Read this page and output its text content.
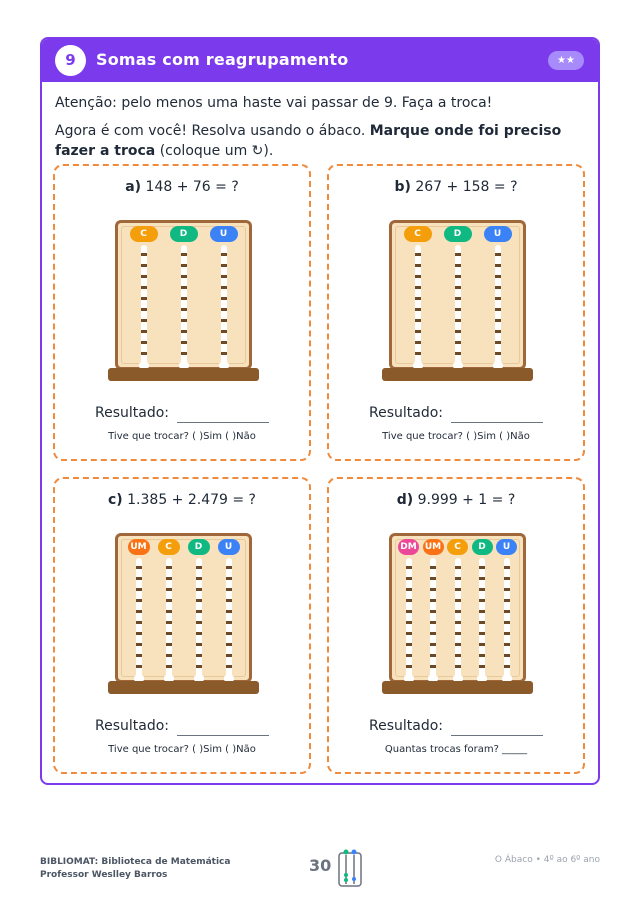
9	Somas com reagrupamento	★★

Atenção: pelo menos uma haste vai passar de 9. Faça a troca!

Agora é com você! Resolva usando o ábaco. Marque onde foi preciso fazer a troca (coloque um ↻).

a) 148 + 76 = ?
C	D	U
Resultado:
Tive que trocar? ( )Sim ( )Não
b) 267 + 158 = ?
C	D	U
Resultado:
Tive que trocar? ( )Sim ( )Não
c) 1.385 + 2.479 = ?
UM	C	D	U
Resultado:
Tive que trocar? ( )Sim ( )Não
d) 9.999 + 1 = ?
DM UM	C	D	U
Resultado:
Quantas trocas foram? _____
BIBLIOMAT: Biblioteca de Matemática
Professor Weslley Barros	30	O Ábaco • 4º ao 6º ano
